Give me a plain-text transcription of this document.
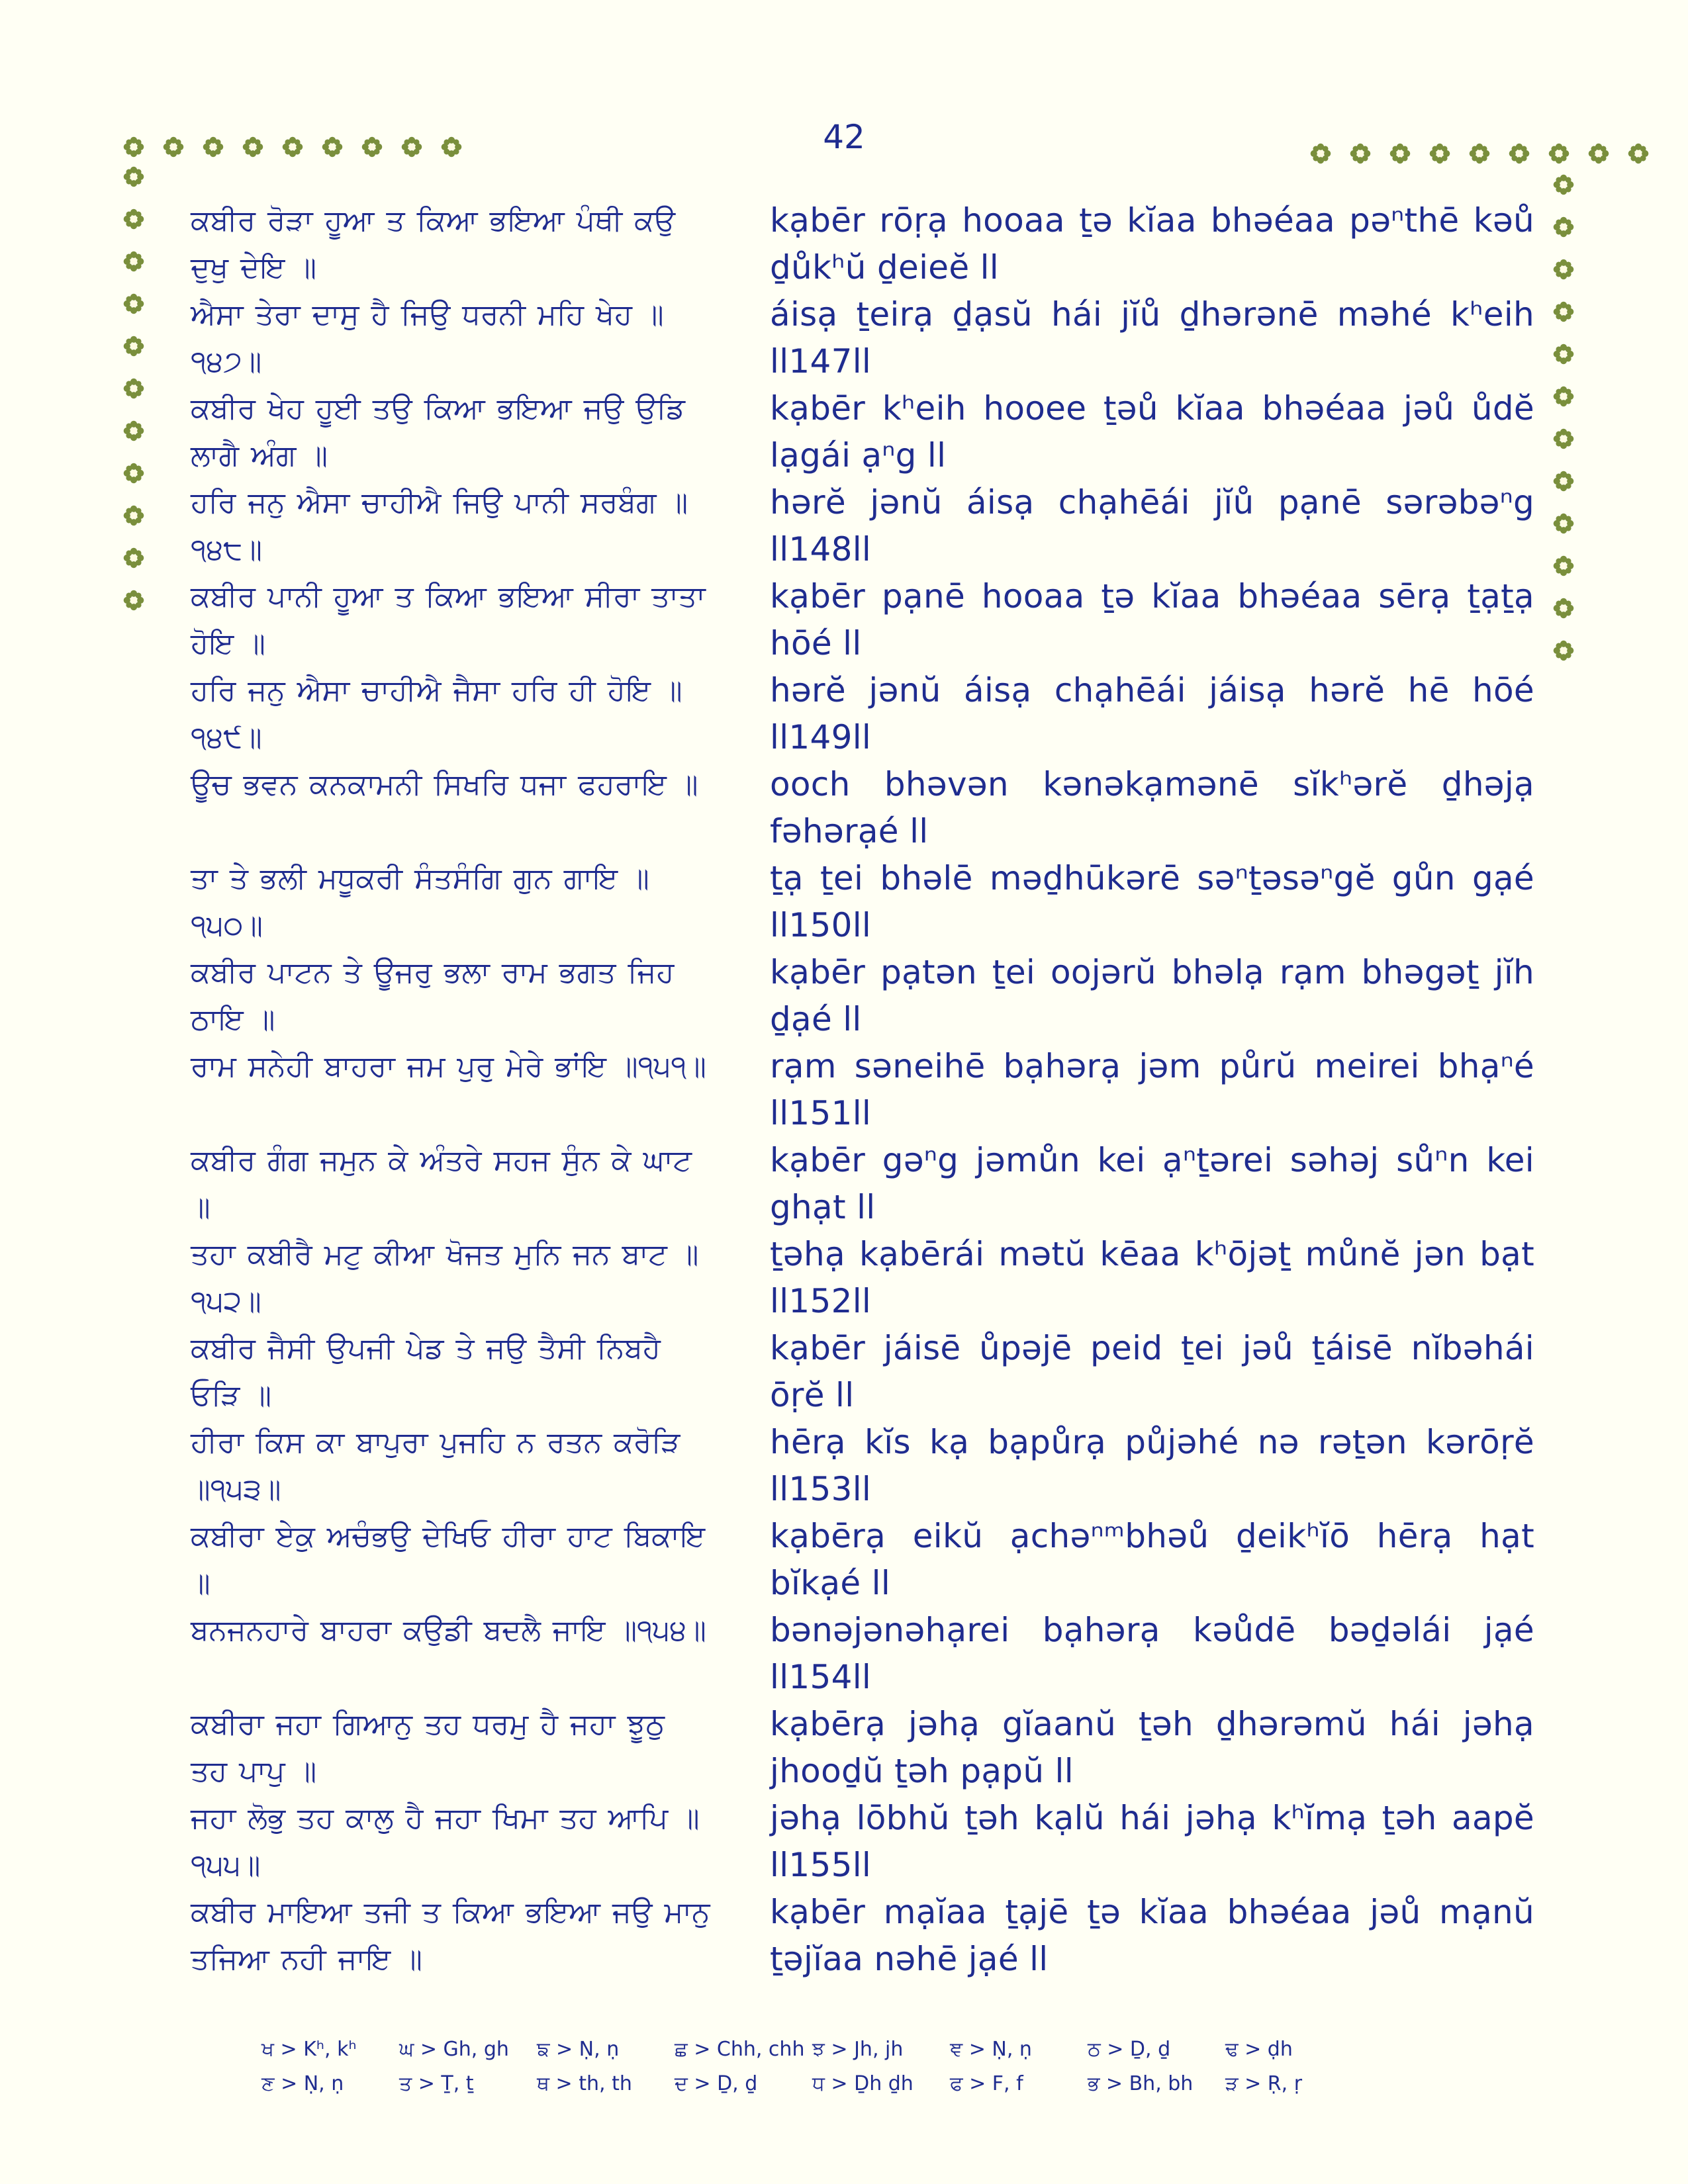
42
ਕਬੀਰ ਰੋੜਾ ਹੂਆ ਤ ਕਿਆ ਭਇਆ ਪੰਥੀ ਕਉ ਦੁਖੁ ਦੇਇ ॥
kạbēr rōṛạ hooaa ṯə kĭaa bhəéaa pəⁿthē kəů ḏůkʰŭ ḏeieĕ ll
ਐਸਾ ਤੇਰਾ ਦਾਸੁ ਹੈ ਜਿਉ ਧਰਨੀ ਮਹਿ ਖੇਹ ॥੧੪੭॥
áisạ ṯeirạ ḏạsŭ hái jĭů ḏhərənē məhé kʰeih ll147ll
ਕਬੀਰ ਖੇਹ ਹੂਈ ਤਉ ਕਿਆ ਭਇਆ ਜਉ ਉਡਿ ਲਾਗੈ ਅੰਗ ॥
kạbēr kʰeih hooee ṯəů kĭaa bhəéaa jəů ůdĕ lạgái ạⁿg ll
ਹਰਿ ਜਨੁ ਐਸਾ ਚਾਹੀਐ ਜਿਉ ਪਾਨੀ ਸਰਬੰਗ ॥੧੪੮॥
hərĕ jənŭ áisạ chạhēái jĭů pạnē sərəbəⁿg ll148ll
ਕਬੀਰ ਪਾਨੀ ਹੂਆ ਤ ਕਿਆ ਭਇਆ ਸੀਰਾ ਤਾਤਾ ਹੋਇ ॥
kạbēr pạnē hooaa ṯə kĭaa bhəéaa sērạ ṯạṯạ hōé ll
ਹਰਿ ਜਨੁ ਐਸਾ ਚਾਹੀਐ ਜੈਸਾ ਹਰਿ ਹੀ ਹੋਇ ॥੧੪੯॥
hərĕ jənŭ áisạ chạhēái jáisạ hərĕ hē hōé ll149ll
ਊਚ ਭਵਨ ਕਨਕਾਮਨੀ ਸਿਖਰਿ ਧਜਾ ਫਹਰਾਇ ॥	ooch bhəvən kənəkạmənē sĭkʰərĕ ḏhəjạ fəhərạé ll
ਤਾ ਤੇ ਭਲੀ ਮਧੂਕਰੀ ਸੰਤਸੰਗਿ ਗੁਨ ਗਾਇ ॥੧੫੦॥
ṯạ ṯei bhəlē məḏhūkərē səⁿṯəsəⁿgĕ gůn gạé ll150ll
ਕਬੀਰ ਪਾਟਨ ਤੇ ਊਜਰੁ ਭਲਾ ਰਾਮ ਭਗਤ ਜਿਹ ਠਾਇ ॥
kạbēr pạtən ṯei oojərŭ bhəlạ rạm bhəgəṯ jĭh ḏạé ll
ਰਾਮ ਸਨੇਹੀ ਬਾਹਰਾ ਜਮ ਪੁਰੁ ਮੇਰੇ ਭਾਂਇ ॥੧੫੧॥ rạm səneihē bạhərạ jəm půrŭ meirei bhạⁿé ll151ll
ਕਬੀਰ ਗੰਗ ਜਮੁਨ ਕੇ ਅੰਤਰੇ ਸਹਜ ਸੁੰਨ ਕੇ ਘਾਟ ॥
kạbēr gəⁿg jəmůn kei ạⁿṯərei səhəj sůⁿn kei ghạt ll
ਤਹਾ ਕਬੀਰੈ ਮਟੁ ਕੀਆ ਖੋਜਤ ਮੁਨਿ ਜਨ ਬਾਟ ॥੧੫੨॥
ṯəhạ kạbērái mətŭ kēaa kʰōjəṯ můnĕ jən bạt ll152ll
ਕਬੀਰ ਜੈਸੀ ਉਪਜੀ ਪੇਡ ਤੇ ਜਉ ਤੈਸੀ ਨਿਬਹੈ ਓੜਿ ॥
kạbēr jáisē ůpəjē peid ṯei jəů ṯáisē nĭbəhái ōṛĕ ll
ਹੀਰਾ ਕਿਸ ਕਾ ਬਾਪੁਰਾ ਪੁਜਹਿ ਨ ਰਤਨ ਕਰੋੜਿ ॥੧੫੩॥
hērạ kĭs kạ bạpůrạ půjəhé nə rəṯən kərōṛĕ ll153ll
ਕਬੀਰਾ ਏਕੁ ਅਚੰਭਉ ਦੇਖਿਓ ਹੀਰਾ ਹਾਟ ਬਿਕਾਇ ॥
kạbērạ eikŭ ạchəⁿᵐbhəů ḏeikʰĭō hērạ hạt bĭkạé ll
ਬਨਜਨਹਾਰੇ ਬਾਹਰਾ ਕਉਡੀ ਬਦਲੈ ਜਾਇ ॥੧੫੪॥ bənəjənəhạrei bạhərạ kəůdē bəḏəlái jạé ll154ll
ਕਬੀਰਾ ਜਹਾ ਗਿਆਨੁ ਤਹ ਧਰਮੁ ਹੈ ਜਹਾ ਝੂਠੁ ਤਹ ਪਾਪੁ ॥
kạbērạ jəhạ gĭaanŭ ṯəh ḏhərəmŭ hái jəhạ jhooḏŭ ṯəh pạpŭ ll
ਜਹਾ ਲੋਭੁ ਤਹ ਕਾਲੁ ਹੈ ਜਹਾ ਖਿਮਾ ਤਹ ਆਪਿ ॥੧੫੫॥
jəhạ lōbhŭ ṯəh kạlŭ hái jəhạ kʰĭmạ ṯəh aapĕ ll155ll
ਕਬੀਰ ਮਾਇਆ ਤਜੀ ਤ ਕਿਆ ਭਇਆ ਜਉ ਮਾਨੁ ਤਜਿਆ ਨਹੀ ਜਾਇ ॥
kạbēr mạĭaa ṯạjē ṯə kĭaa bhəéaa jəů mạnŭ ṯəjĭaa nəhē jạé ll
ਖ > Kʰ, kʰ	ਘ > Gh, gh	ਙ > Ṇ, ṇ	ਛ > Chh, chh ਝ > Jh, jh	ਞ > Ṇ, ṇ	ਠ > Ḏ, ḏ	ਢ > ḍh
ਣ > Ṇ, ṇ	ਤ > Ṯ, ṯ	ਥ > th, th	ਦ > Ḏ, ḏ	ਧ > Ḏh ḏh	ਫ > F, f	ਭ > Bh, bh	ੜ > Ṛ, ṛ
